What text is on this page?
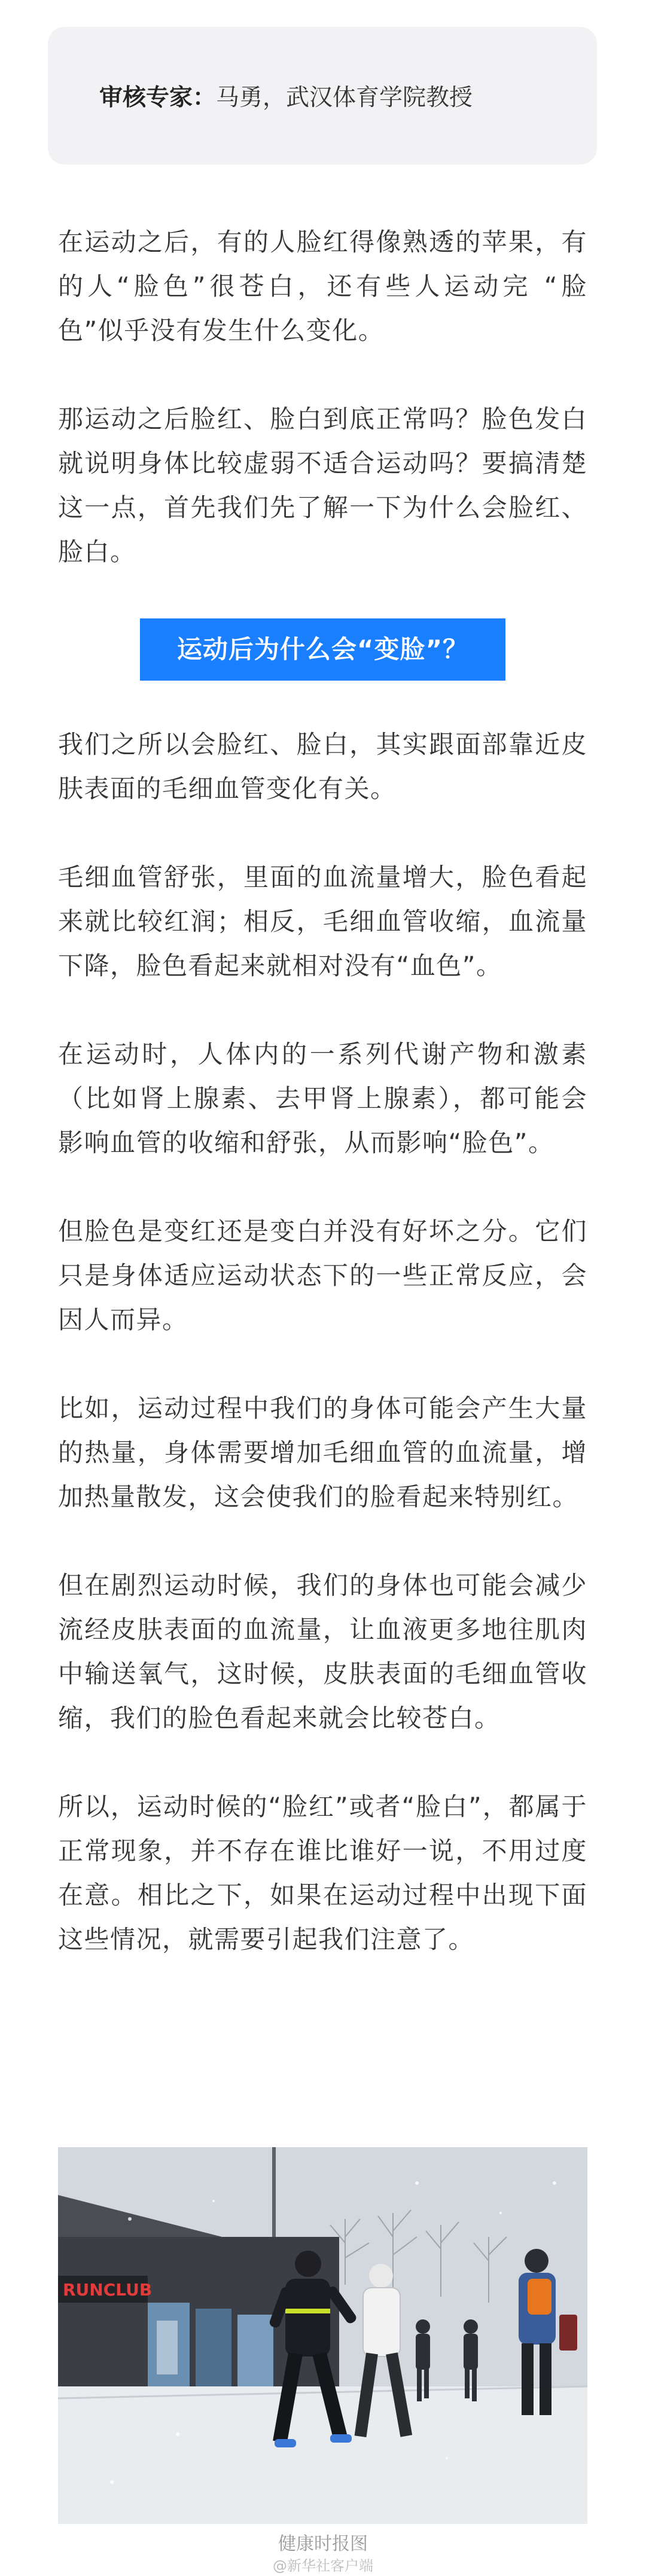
审核专家：马勇，武汉体育学院教授

在运动之后，有的人脸红得像熟透的苹果，有的人“脸色”很苍白，还有些人运动完 “脸色”似乎没有发生什么变化。

那运动之后脸红、脸白到底正常吗？脸色发白就说明身体比较虚弱不适合运动吗？要搞清楚这一点，首先我们先了解一下为什么会脸红、脸白。

运动后为什么会“变脸”？

我们之所以会脸红、脸白，其实跟面部靠近皮肤表面的毛细血管变化有关。

毛细血管舒张，里面的血流量增大，脸色看起来就比较红润；相反，毛细血管收缩，血流量下降，脸色看起来就相对没有“血色”。

在运动时，人体内的一系列代谢产物和激素（比如肾上腺素、去甲肾上腺素），都可能会影响血管的收缩和舒张，从而影响“脸色”。

但脸色是变红还是变白并没有好坏之分。它们只是身体适应运动状态下的一些正常反应，会因人而异。

比如，运动过程中我们的身体可能会产生大量的热量，身体需要增加毛细血管的血流量，增加热量散发，这会使我们的脸看起来特别红。

但在剧烈运动时候，我们的身体也可能会减少流经皮肤表面的血流量，让血液更多地往肌肉中输送氧气，这时候，皮肤表面的毛细血管收缩，我们的脸色看起来就会比较苍白。

所以，运动时候的“脸红”或者“脸白”，都属于正常现象，并不存在谁比谁好一说，不用过度在意。相比之下，如果在运动过程中出现下面这些情况，就需要引起我们注意了。

RUNCLUB
健康时报图
@新华社客户端
